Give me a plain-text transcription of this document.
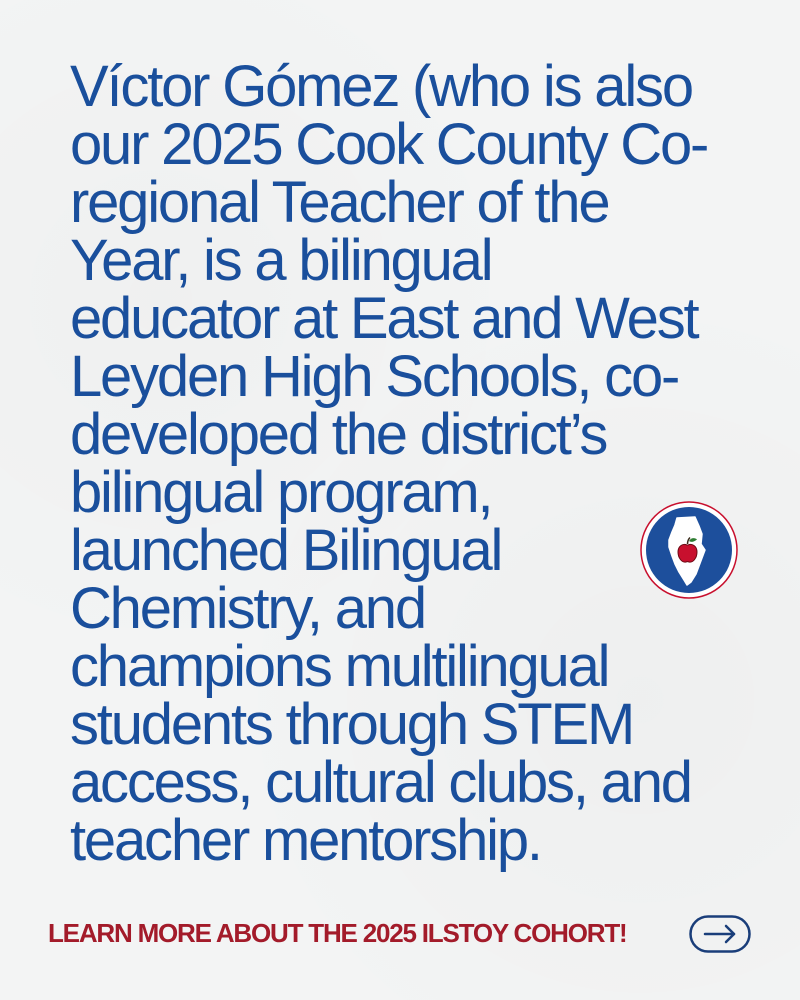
Víctor Gómez (who is also
our 2025 Cook County Co-
regional Teacher of the
Year, is a bilingual
educator at East and West
Leyden High Schools, co-
developed the district’s
bilingual program,
launched Bilingual
Chemistry, and
champions multilingual
students through STEM
access, cultural clubs, and
teacher mentorship.
LEARN MORE ABOUT THE 2025 ILSTOY COHORT!
